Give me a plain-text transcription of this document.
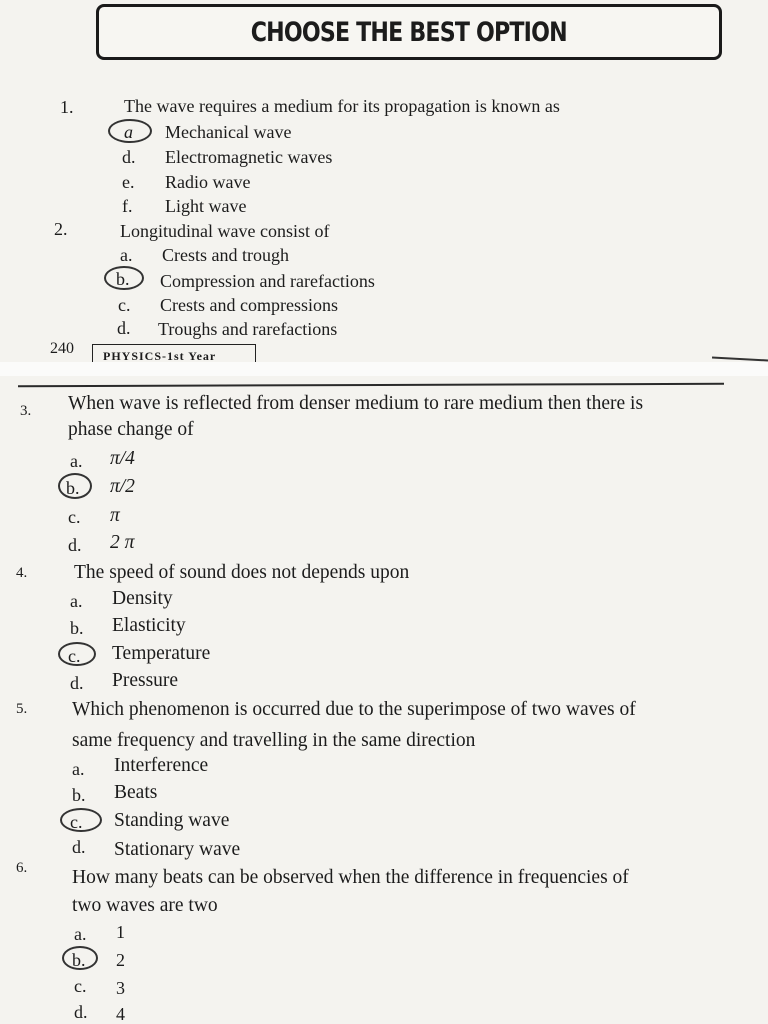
CHOOSE THE BEST OPTION
1.	The wave requires a medium for its propagation is known as
a Mechanical wave
d. Electromagnetic waves
e. Radio wave
f. Light wave
2.	Longitudinal wave consist of
a. Crests and trough
b. Compression and rarefactions
c. Crests and compressions
d. Troughs and rarefactions
240	PHYSICS-1st Year
3. When wave is reflected from denser medium to rare medium then there is
phase change of
a. π/4
b. π/2
c. π
d. 2 π
4. The speed of sound does not depends upon
a. Density
b. Elasticity
c. Temperature
d. Pressure
5. Which phenomenon is occurred due to the superimpose of two waves of
same frequency and travelling in the same direction
a. Interference
b. Beats
c. Standing wave
d. Stationary wave
6. How many beats can be observed when the difference in frequencies of
two waves are two
a. 1
b. 2
c. 3
d. 4
